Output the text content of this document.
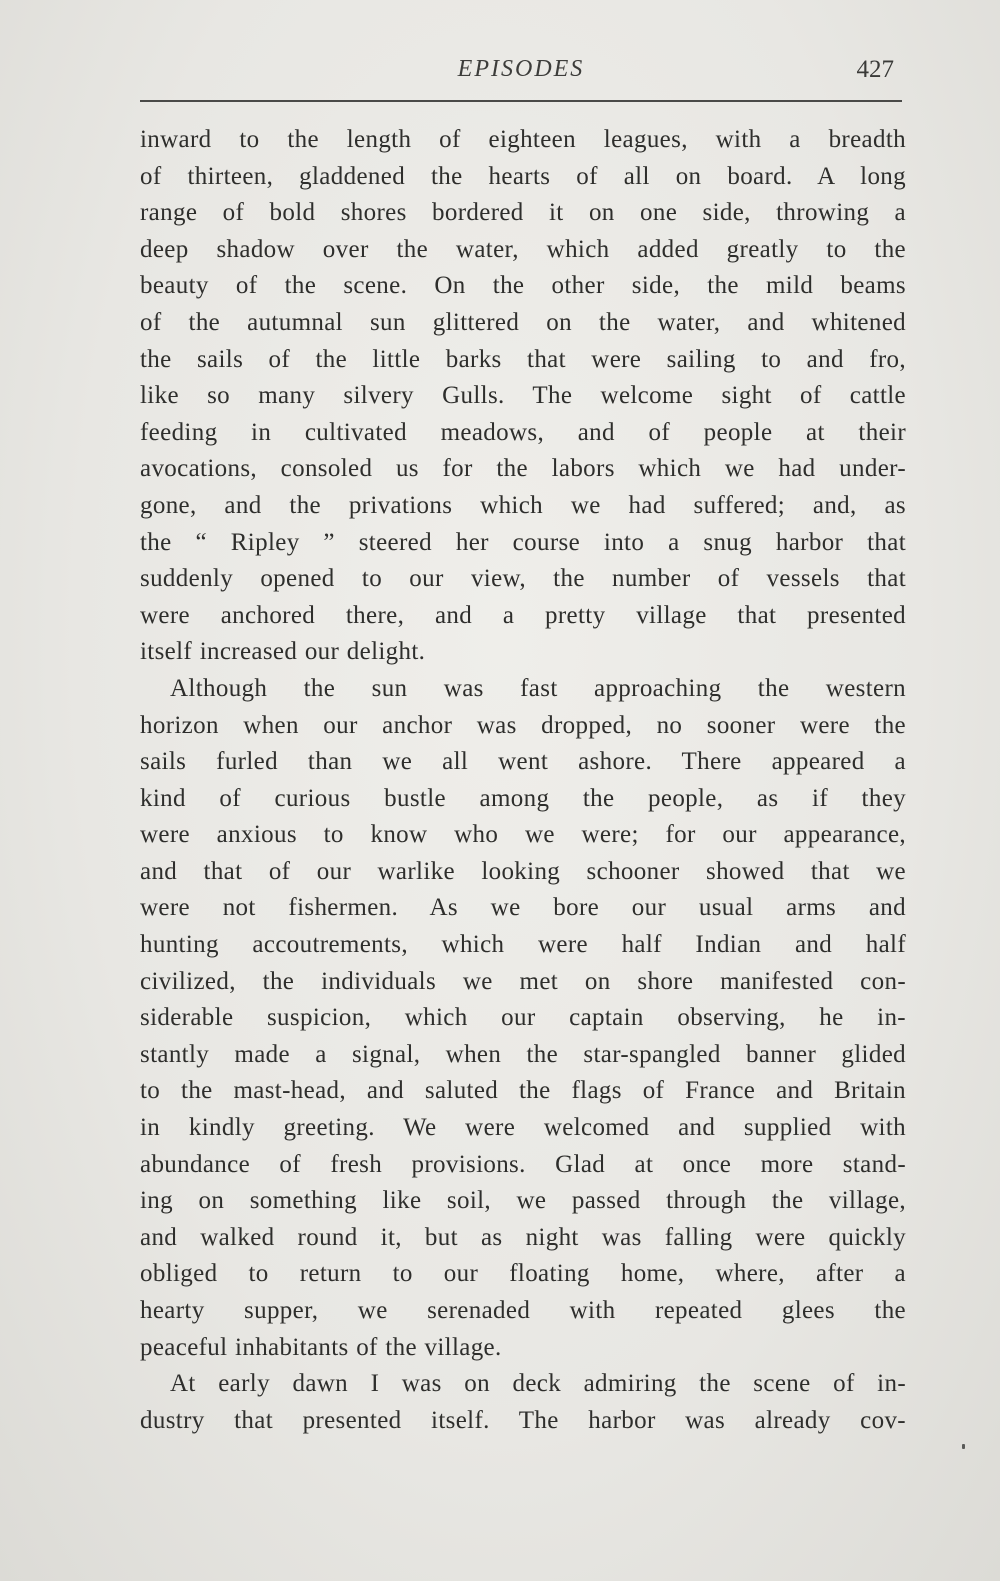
EPISODES	427
inward to the length of eighteen leagues, with a breadth
of thirteen, gladdened the hearts of all on board. A long
range of bold shores bordered it on one side, throwing a
deep shadow over the water, which added greatly to the
beauty of the scene. On the other side, the mild beams
of the autumnal sun glittered on the water, and whitened
the sails of the little barks that were sailing to and fro,
like so many silvery Gulls. The welcome sight of cattle
feeding in cultivated meadows, and of people at their
avocations, consoled us for the labors which we had under-
gone, and the privations which we had suffered; and, as
the “ Ripley ” steered her course into a snug harbor that
suddenly opened to our view, the number of vessels that
were anchored there, and a pretty village that presented
itself increased our delight.
Although the sun was fast approaching the western
horizon when our anchor was dropped, no sooner were the
sails furled than we all went ashore. There appeared a
kind of curious bustle among the people, as if they
were anxious to know who we were; for our appearance,
and that of our warlike looking schooner showed that we
were not fishermen. As we bore our usual arms and
hunting accoutrements, which were half Indian and half
civilized, the individuals we met on shore manifested con-
siderable suspicion, which our captain observing, he in-
stantly made a signal, when the star-spangled banner glided
to the mast-head, and saluted the flags of France and Britain
in kindly greeting. We were welcomed and supplied with
abundance of fresh provisions. Glad at once more stand-
ing on something like soil, we passed through the village,
and walked round it, but as night was falling were quickly
obliged to return to our floating home, where, after a
hearty supper, we serenaded with repeated glees the
peaceful inhabitants of the village.
At early dawn I was on deck admiring the scene of in-
dustry that presented itself. The harbor was already cov-
